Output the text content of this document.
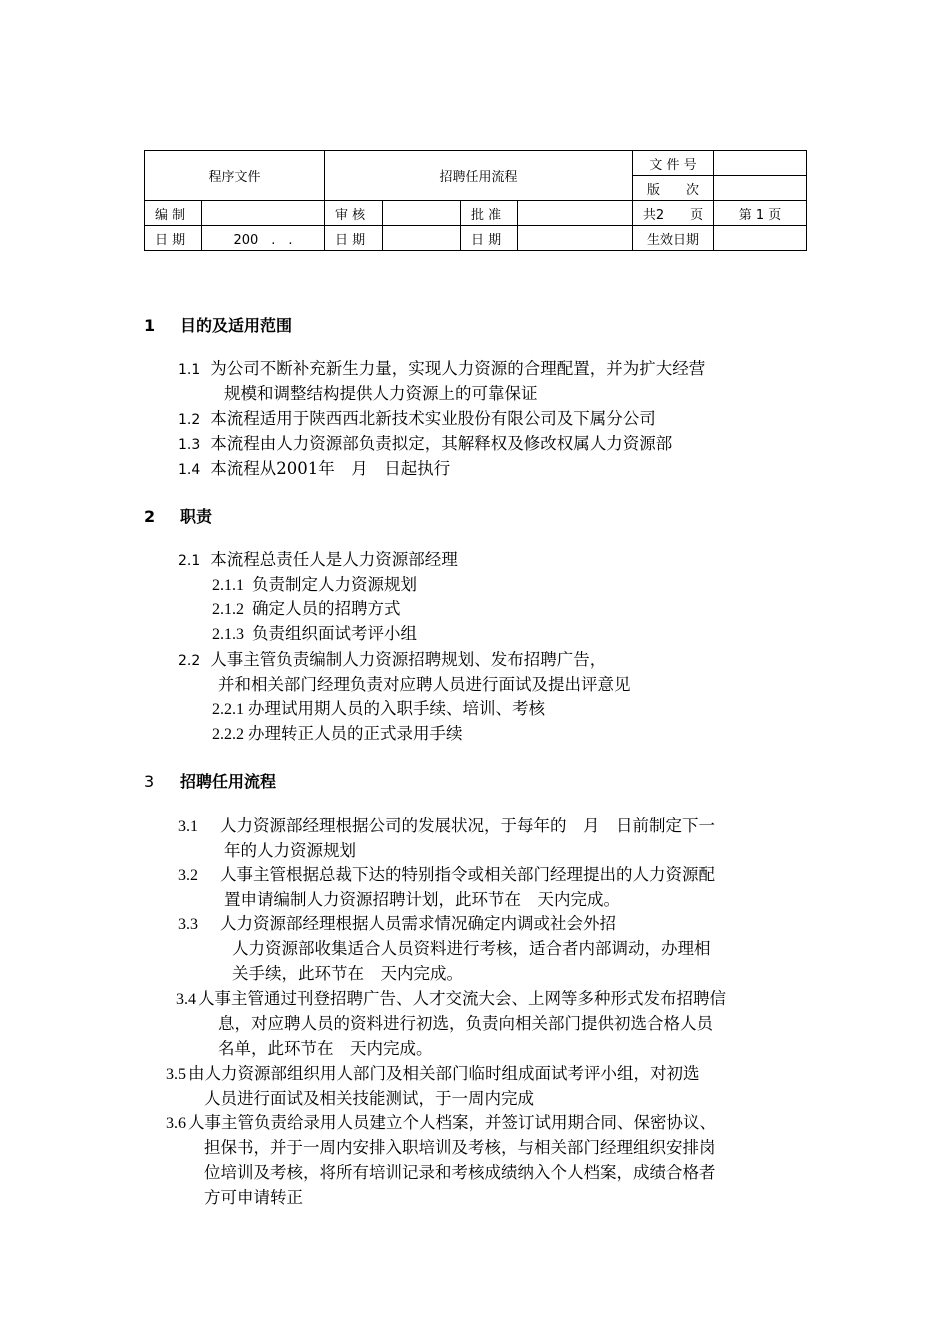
程序文件		招聘任用流程				文 件 号	
						版　　次	
编 制		审 核		批 准		共2　　页	第 1 页
日 期	200　.　.	日 期		日 期		生效日期	
1 目的及适用范围
1.1 为公司不断补充新生力量，实现人力资源的合理配置，并为扩大经营
规模和调整结构提供人力资源上的可靠保证
1.2 本流程适用于陕西西北新技术实业股份有限公司及下属分公司
1.3 本流程由人力资源部负责拟定，其解释权及修改权属人力资源部
1.4 本流程从2001年　月　日起执行
2 职责
2.1 本流程总责任人是人力资源部经理
2.1.1 负责制定人力资源规划
2.1.2 确定人员的招聘方式
2.1.3 负责组织面试考评小组
2.2 人事主管负责编制人力资源招聘规划、发布招聘广告，
并和相关部门经理负责对应聘人员进行面试及提出评意见
2.2.1 办理试用期人员的入职手续、培训、考核
2.2.2 办理转正人员的正式录用手续
3 招聘任用流程
3.1 人力资源部经理根据公司的发展状况，于每年的　月　日前制定下一
年的人力资源规划
3.2 人事主管根据总裁下达的特别指令或相关部门经理提出的人力资源配
置申请编制人力资源招聘计划，此环节在　天内完成。
3.3 人力资源部经理根据人员需求情况确定内调或社会外招
人力资源部收集适合人员资料进行考核，适合者内部调动，办理相
关手续，此环节在　天内完成。
3.4 人事主管通过刊登招聘广告、人才交流大会、上网等多种形式发布招聘信
息，对应聘人员的资料进行初选，负责向相关部门提供初选合格人员
名单，此环节在　天内完成。
3.5 由人力资源部组织用人部门及相关部门临时组成面试考评小组，对初选
人员进行面试及相关技能测试，于一周内完成
3.6 人事主管负责给录用人员建立个人档案，并签订试用期合同、保密协议、
担保书，并于一周内安排入职培训及考核，与相关部门经理组织安排岗
位培训及考核，将所有培训记录和考核成绩纳入个人档案，成绩合格者
方可申请转正
